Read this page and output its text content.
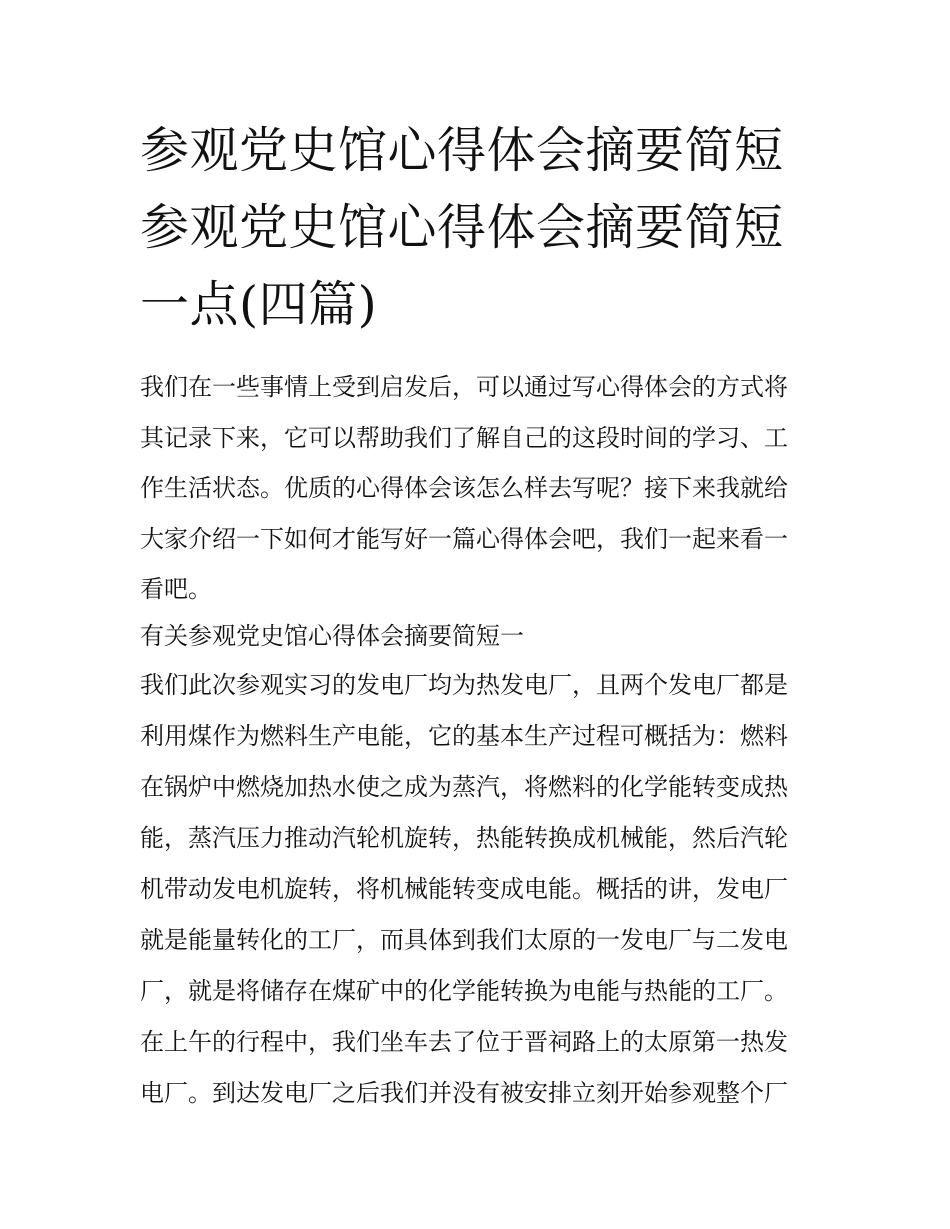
参观党史馆心得体会摘要简短
参观党史馆心得体会摘要简短
一点(四篇)
我们在一些事情上受到启发后，可以通过写心得体会的方式将
其记录下来，它可以帮助我们了解自己的这段时间的学习、工
作生活状态。优质的心得体会该怎么样去写呢？接下来我就给
大家介绍一下如何才能写好一篇心得体会吧，我们一起来看一
看吧。
有关参观党史馆心得体会摘要简短一
我们此次参观实习的发电厂均为热发电厂，且两个发电厂都是
利用煤作为燃料生产电能，它的基本生产过程可概括为：燃料
在锅炉中燃烧加热水使之成为蒸汽，将燃料的化学能转变成热
能，蒸汽压力推动汽轮机旋转，热能转换成机械能，然后汽轮
机带动发电机旋转，将机械能转变成电能。概括的讲，发电厂
就是能量转化的工厂，而具体到我们太原的一发电厂与二发电
厂，就是将储存在煤矿中的化学能转换为电能与热能的工厂。
在上午的行程中，我们坐车去了位于晋祠路上的太原第一热发
电厂。到达发电厂之后我们并没有被安排立刻开始参观整个厂
